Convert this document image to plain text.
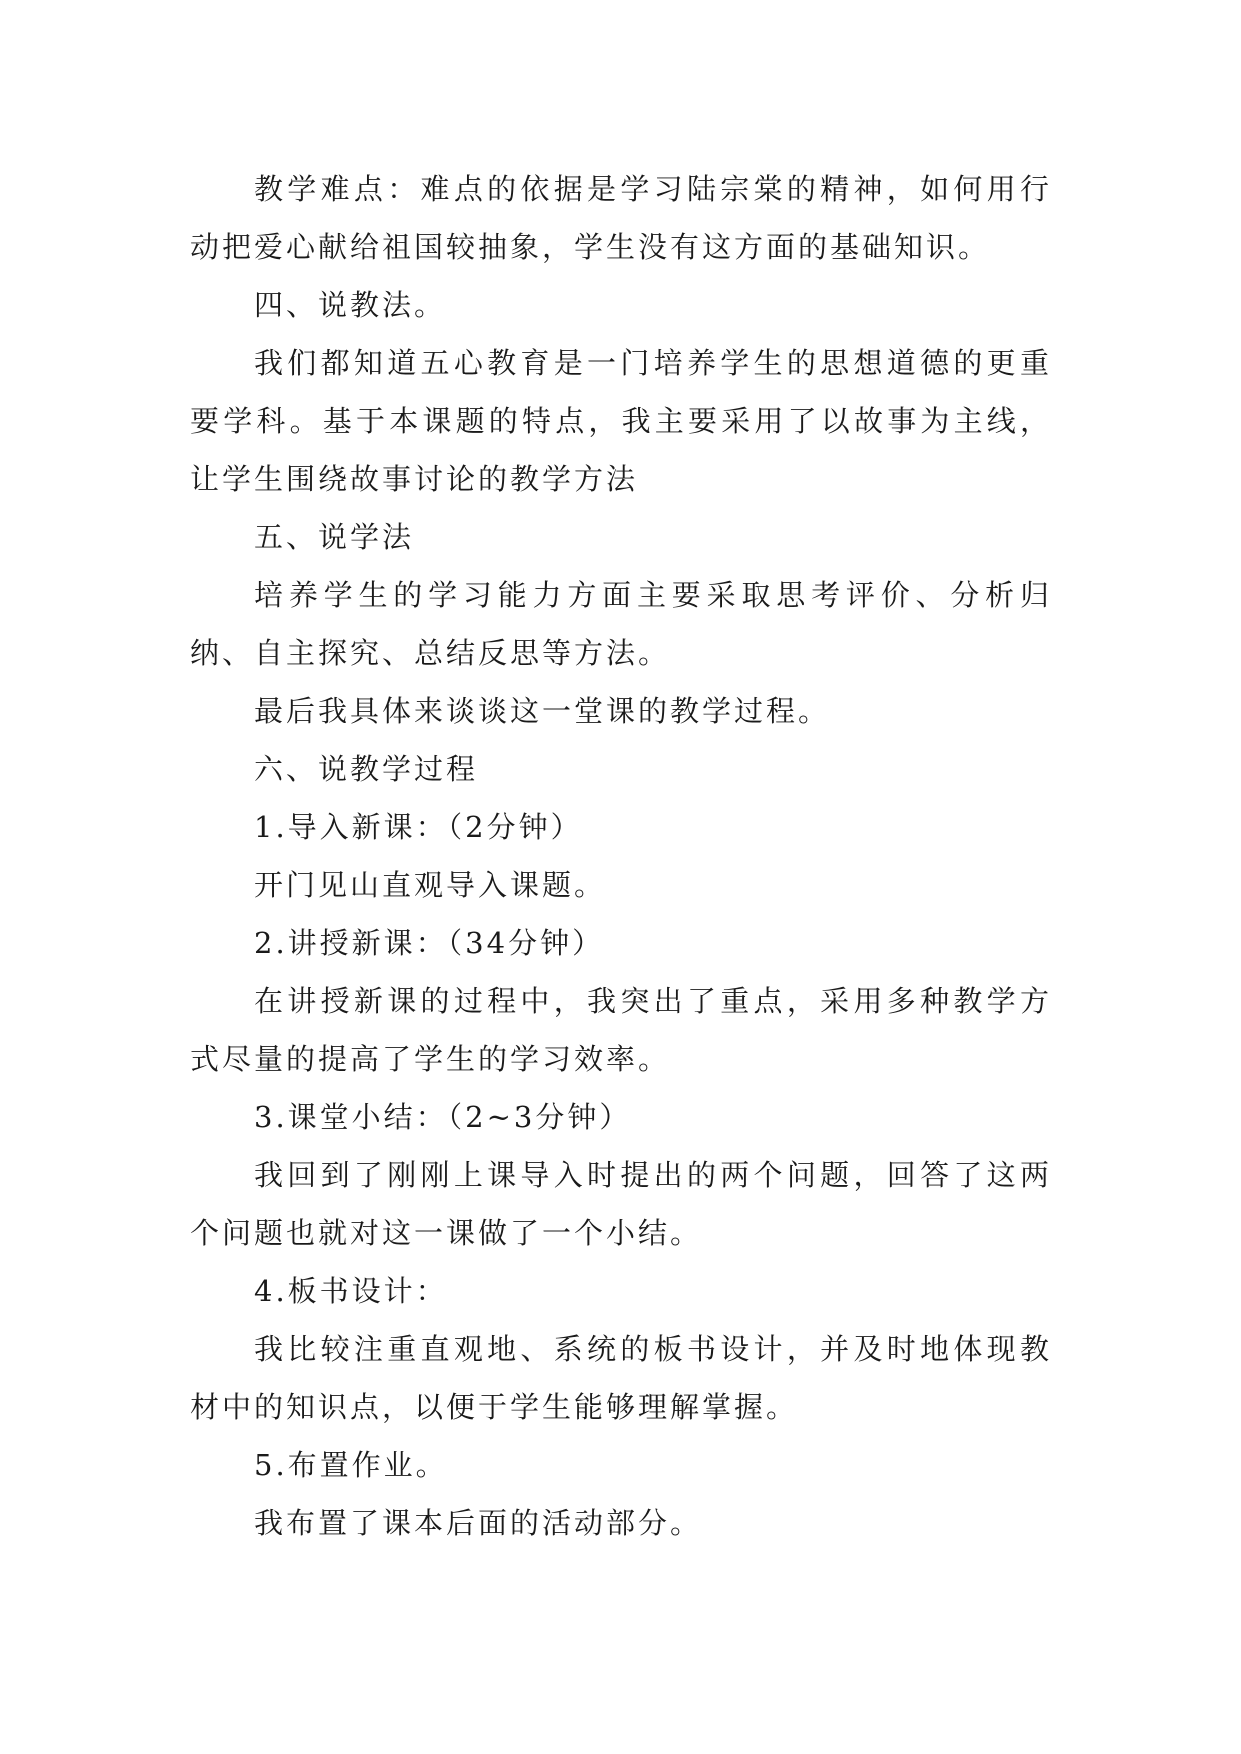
教学难点：难点的依据是学习陆宗棠的精神，如何用行动把爱心献给祖国较抽象，学生没有这方面的基础知识。

四、说教法。

我们都知道五心教育是一门培养学生的思想道德的更重要学科。基于本课题的特点，我主要采用了以故事为主线，让学生围绕故事讨论的教学方法

五、说学法

培养学生的学习能力方面主要采取思考评价、分析归纳、自主探究、总结反思等方法。

最后我具体来谈谈这一堂课的教学过程。

六、说教学过程

1.导入新课：（2分钟）

开门见山直观导入课题。

2.讲授新课：（34分钟）

在讲授新课的过程中，我突出了重点，采用多种教学方式尽量的提高了学生的学习效率。

3.课堂小结：（2~3分钟）

我回到了刚刚上课导入时提出的两个问题，回答了这两个问题也就对这一课做了一个小结。

4.板书设计：

我比较注重直观地、系统的板书设计，并及时地体现教材中的知识点，以便于学生能够理解掌握。

5.布置作业。

我布置了课本后面的活动部分。
